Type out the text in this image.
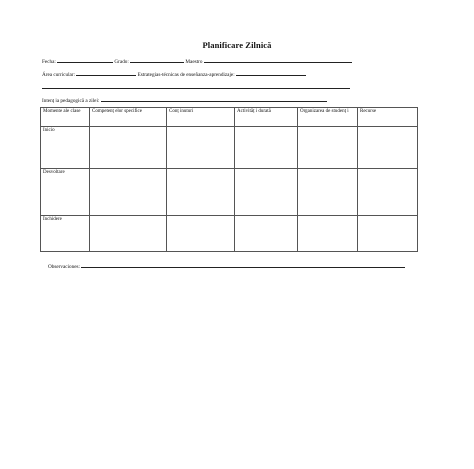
Planificare Zilnică
Fecha:	Grado:	Maestro
Área curricular:	Estrategias-técnicas de enseñanza-aprendizaje:
Intenț ia pedagogică a zilei:
Momente ale clase	Competenț elor specifice	Conț inuturi	Activităț i durată	Organizarea de studenț i	Recurse
Inicio					
Desvoltare					
Închidere					
Observaciones:
